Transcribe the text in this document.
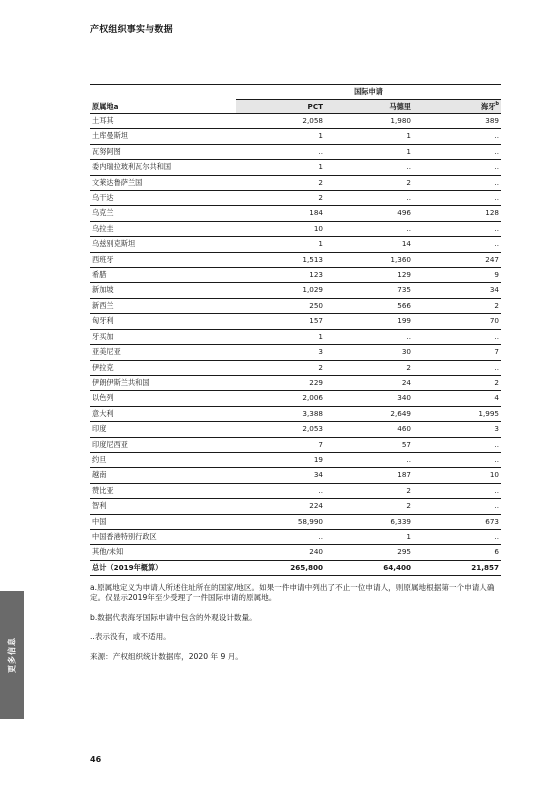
产权组织事实与数据
	国际申请		
原属地a	PCT	马德里	海牙$^b$
土耳其	2,058	1,980	389
土库曼斯坦	1	1	..
瓦努阿图	..	1	..
委内瑞拉玻利瓦尔共和国	1	..	..
文莱达鲁萨兰国	2	2	..
乌干达	2	..	..
乌克兰	184	496	128
乌拉圭	10	..	..
乌兹别克斯坦	1	14	..
西班牙	1,513	1,360	247
希腊	123	129	9
新加坡	1,029	735	34
新西兰	250	566	2
匈牙利	157	199	70
牙买加	1	..	..
亚美尼亚	3	30	7
伊拉克	2	2	..
伊朗伊斯兰共和国	229	24	2
以色列	2,006	340	4
意大利	3,388	2,649	1,995
印度	2,053	460	3
印度尼西亚	7	57	..
约旦	19	..	..
越南	34	187	10
赞比亚	..	2	..
智利	224	2	..
中国	58,990	6,339	673
中国香港特别行政区	..	1	..
其他/未知	240	295	6
总计（2019年概算）	265,800	64,400	21,857

a.原属地定义为申请人所述住址所在的国家/地区。如果一件申请中列出了不止一位申请人，则原属地根据第一个申请人确定。仅显示2019年至少受理了一件国际申请的原属地。

b.数据代表海牙国际申请中包含的外观设计数量。

..表示没有，或不适用。

来源：产权组织统计数据库，2020 年 9 月。

更多信息
46
